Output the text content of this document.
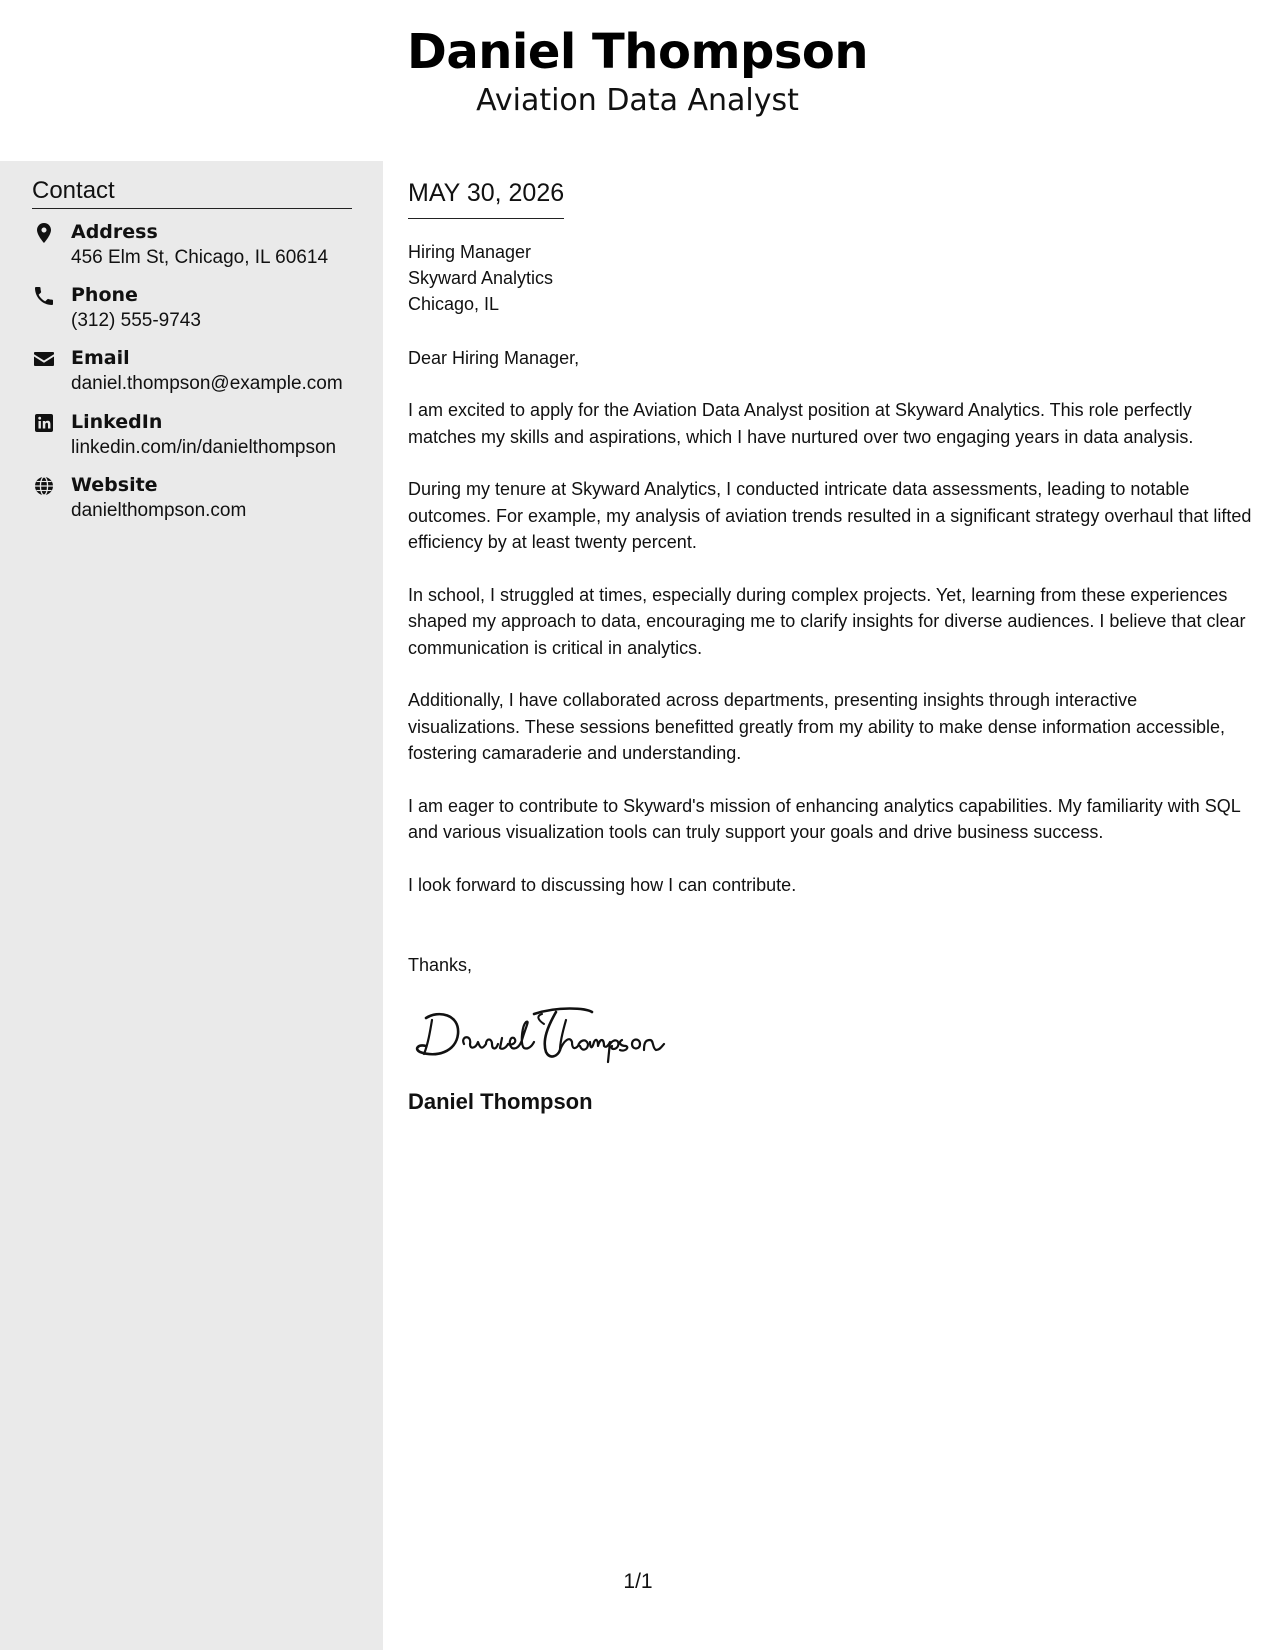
Daniel Thompson
Aviation Data Analyst
Contact
Address
456 Elm St, Chicago, IL 60614
Phone
(312) 555-9743
Email
daniel.thompson@example.com
LinkedIn
linkedin.com/in/danielthompson
Website
danielthompson.com
MAY 30, 2026
Hiring Manager
Skyward Analytics
Chicago, IL
Dear Hiring Manager,
I am excited to apply for the Aviation Data Analyst position at Skyward Analytics. This role perfectly matches my skills and aspirations, which I have nurtured over two engaging years in data analysis.
During my tenure at Skyward Analytics, I conducted intricate data assessments, leading to notable outcomes. For example, my analysis of aviation trends resulted in a significant strategy overhaul that lifted efficiency by at least twenty percent.
In school, I struggled at times, especially during complex projects. Yet, learning from these experiences shaped my approach to data, encouraging me to clarify insights for diverse audiences. I believe that clear communication is critical in analytics.
Additionally, I have collaborated across departments, presenting insights through interactive visualizations. These sessions benefitted greatly from my ability to make dense information accessible, fostering camaraderie and understanding.
I am eager to contribute to Skyward's mission of enhancing analytics capabilities. My familiarity with SQL and various visualization tools can truly support your goals and drive business success.
I look forward to discussing how I can contribute.
Thanks,
Daniel Thompson
1/1
